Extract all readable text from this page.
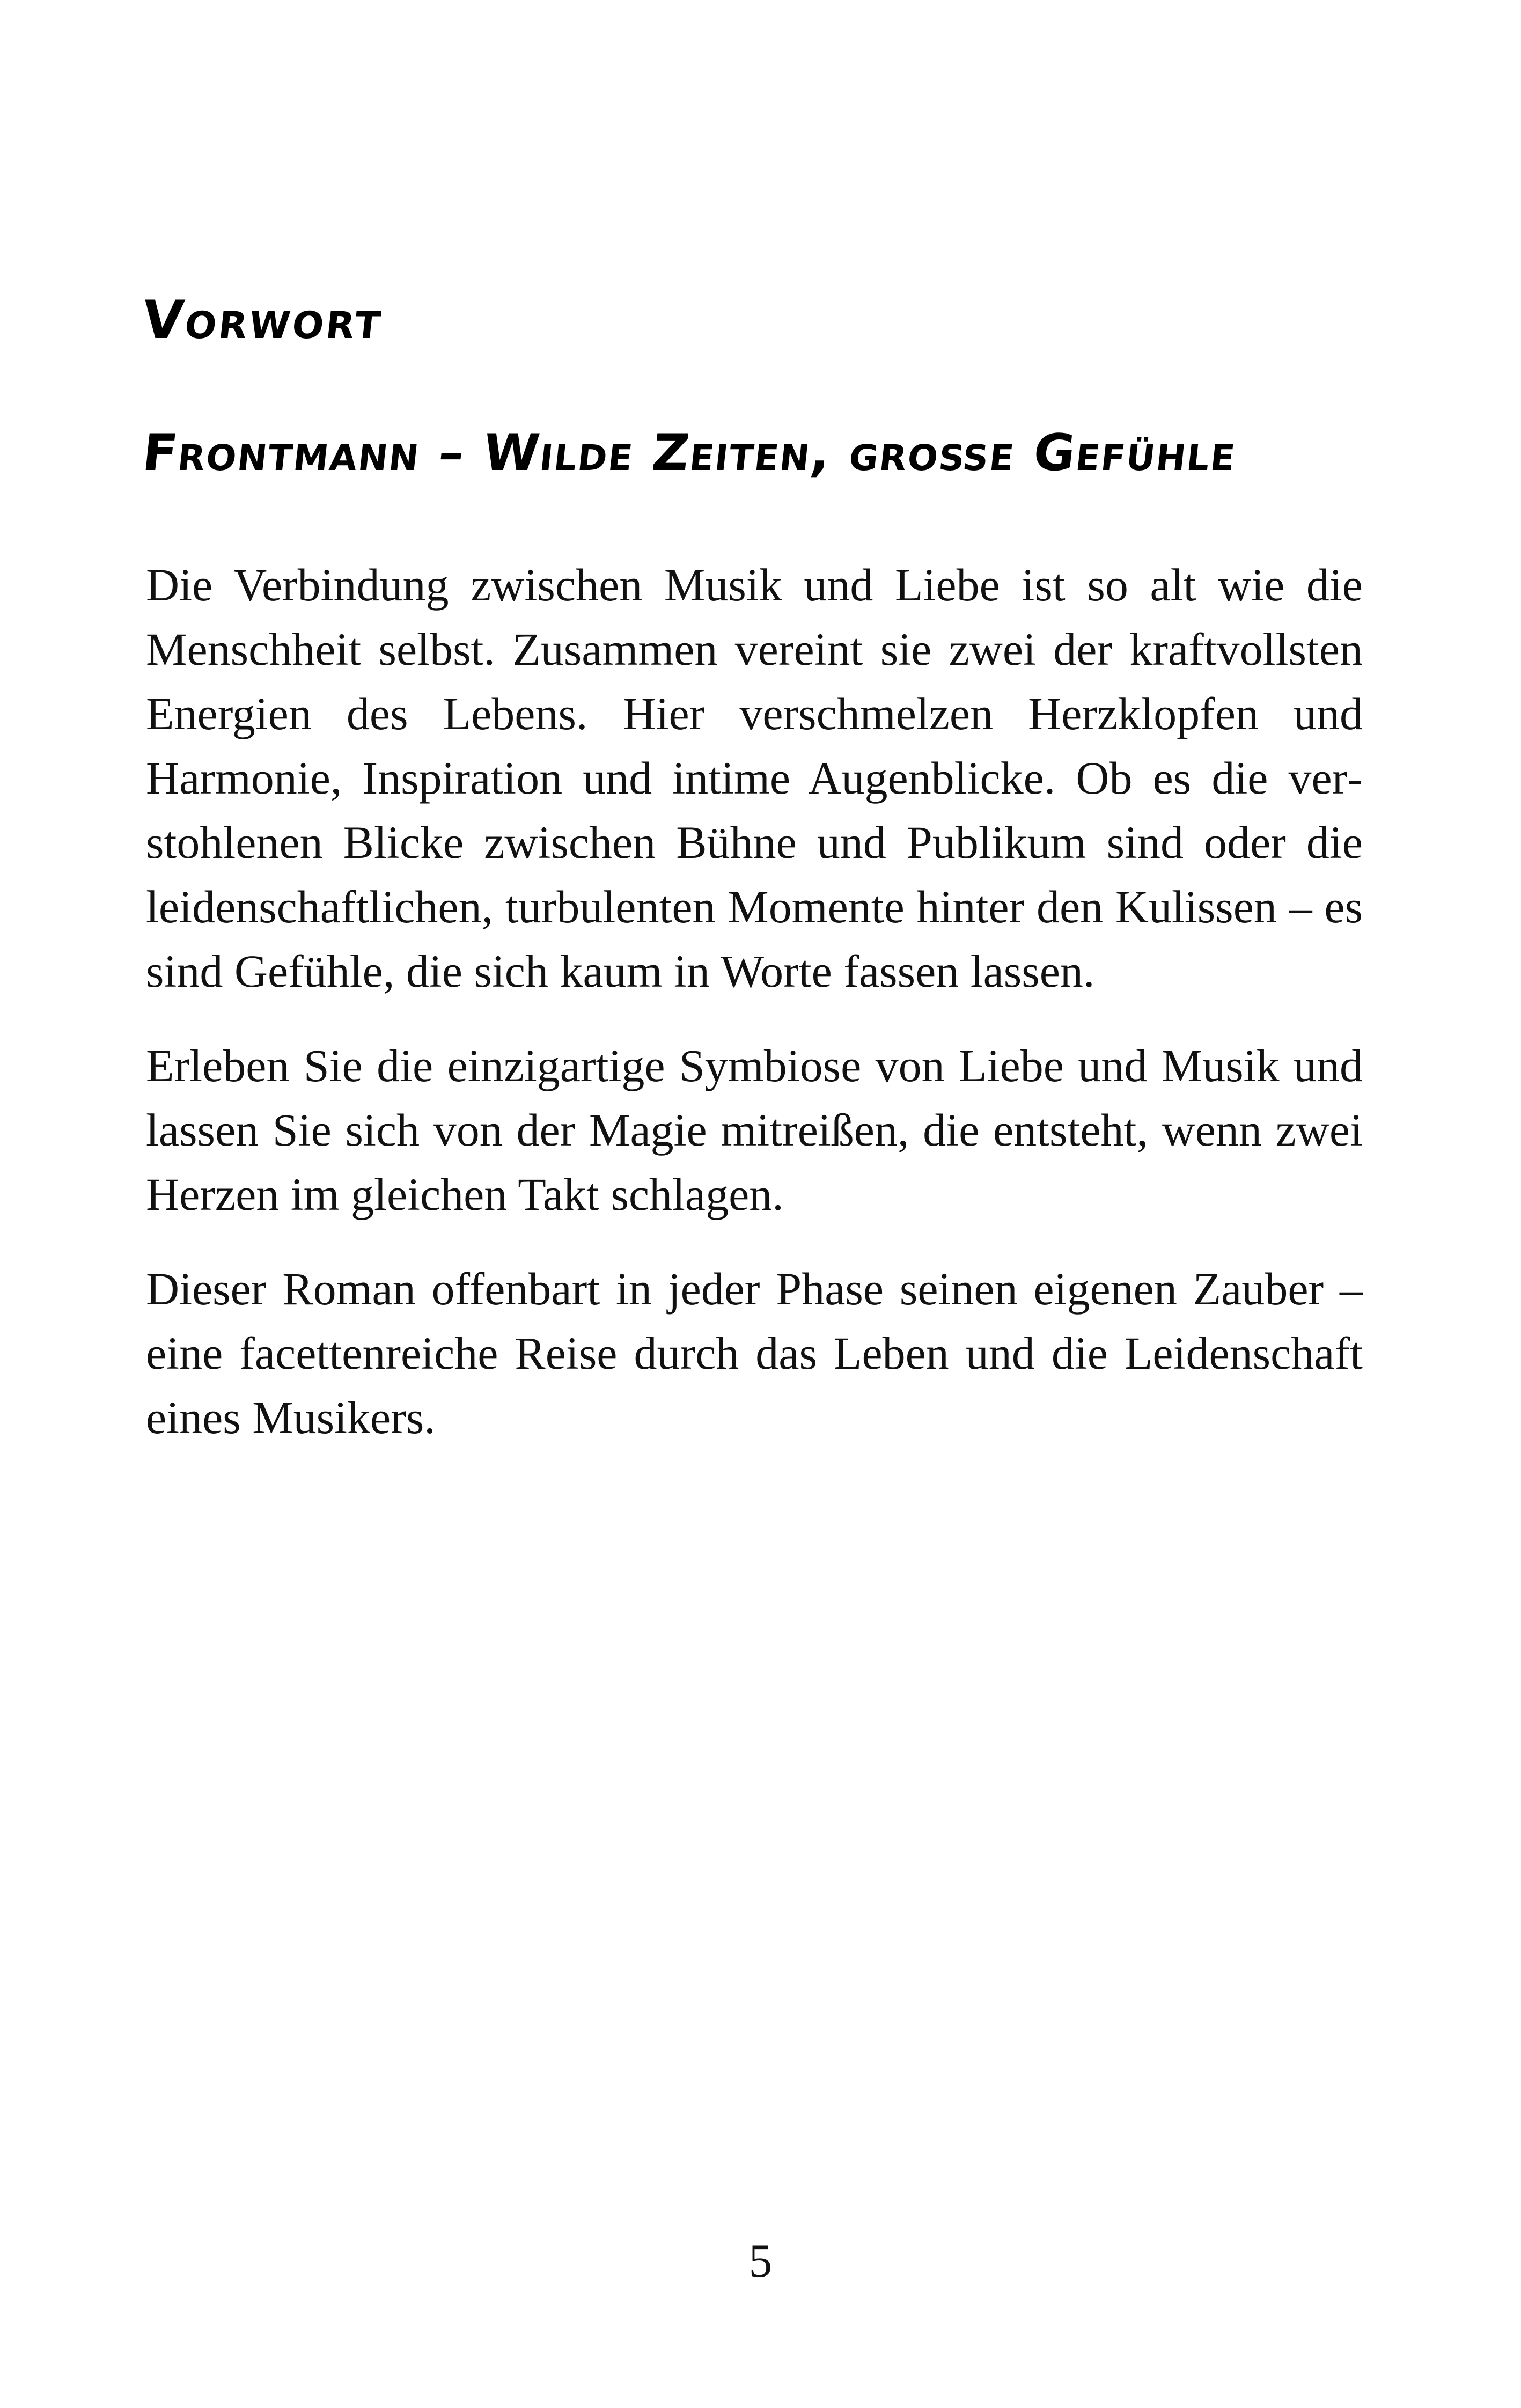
Vorwort
Frontmann – Wilde Zeiten, große Gefühle

Die Verbindung zwischen Musik und Liebe ist so alt wie die Menschheit selbst. Zusammen vereint sie zwei der kraftvollsten Energien des Lebens. Hier verschmelzen Herzklopfen und Harmonie, Inspiration und intime Augenblicke. Ob es die verstohlenen Blicke zwischen Bühne und Publikum sind oder die leidenschaftlichen, turbulenten Momente hinter den Kulissen – es sind Gefühle, die sich kaum in Worte fassen lassen.

Erleben Sie die einzigartige Symbiose von Liebe und Musik und lassen Sie sich von der Magie mitreißen, die entsteht, wenn zwei Herzen im gleichen Takt schlagen.

Dieser Roman offenbart in jeder Phase seinen eigenen Zauber – eine facettenreiche Reise durch das Leben und die Leidenschaft eines Musikers.

5
